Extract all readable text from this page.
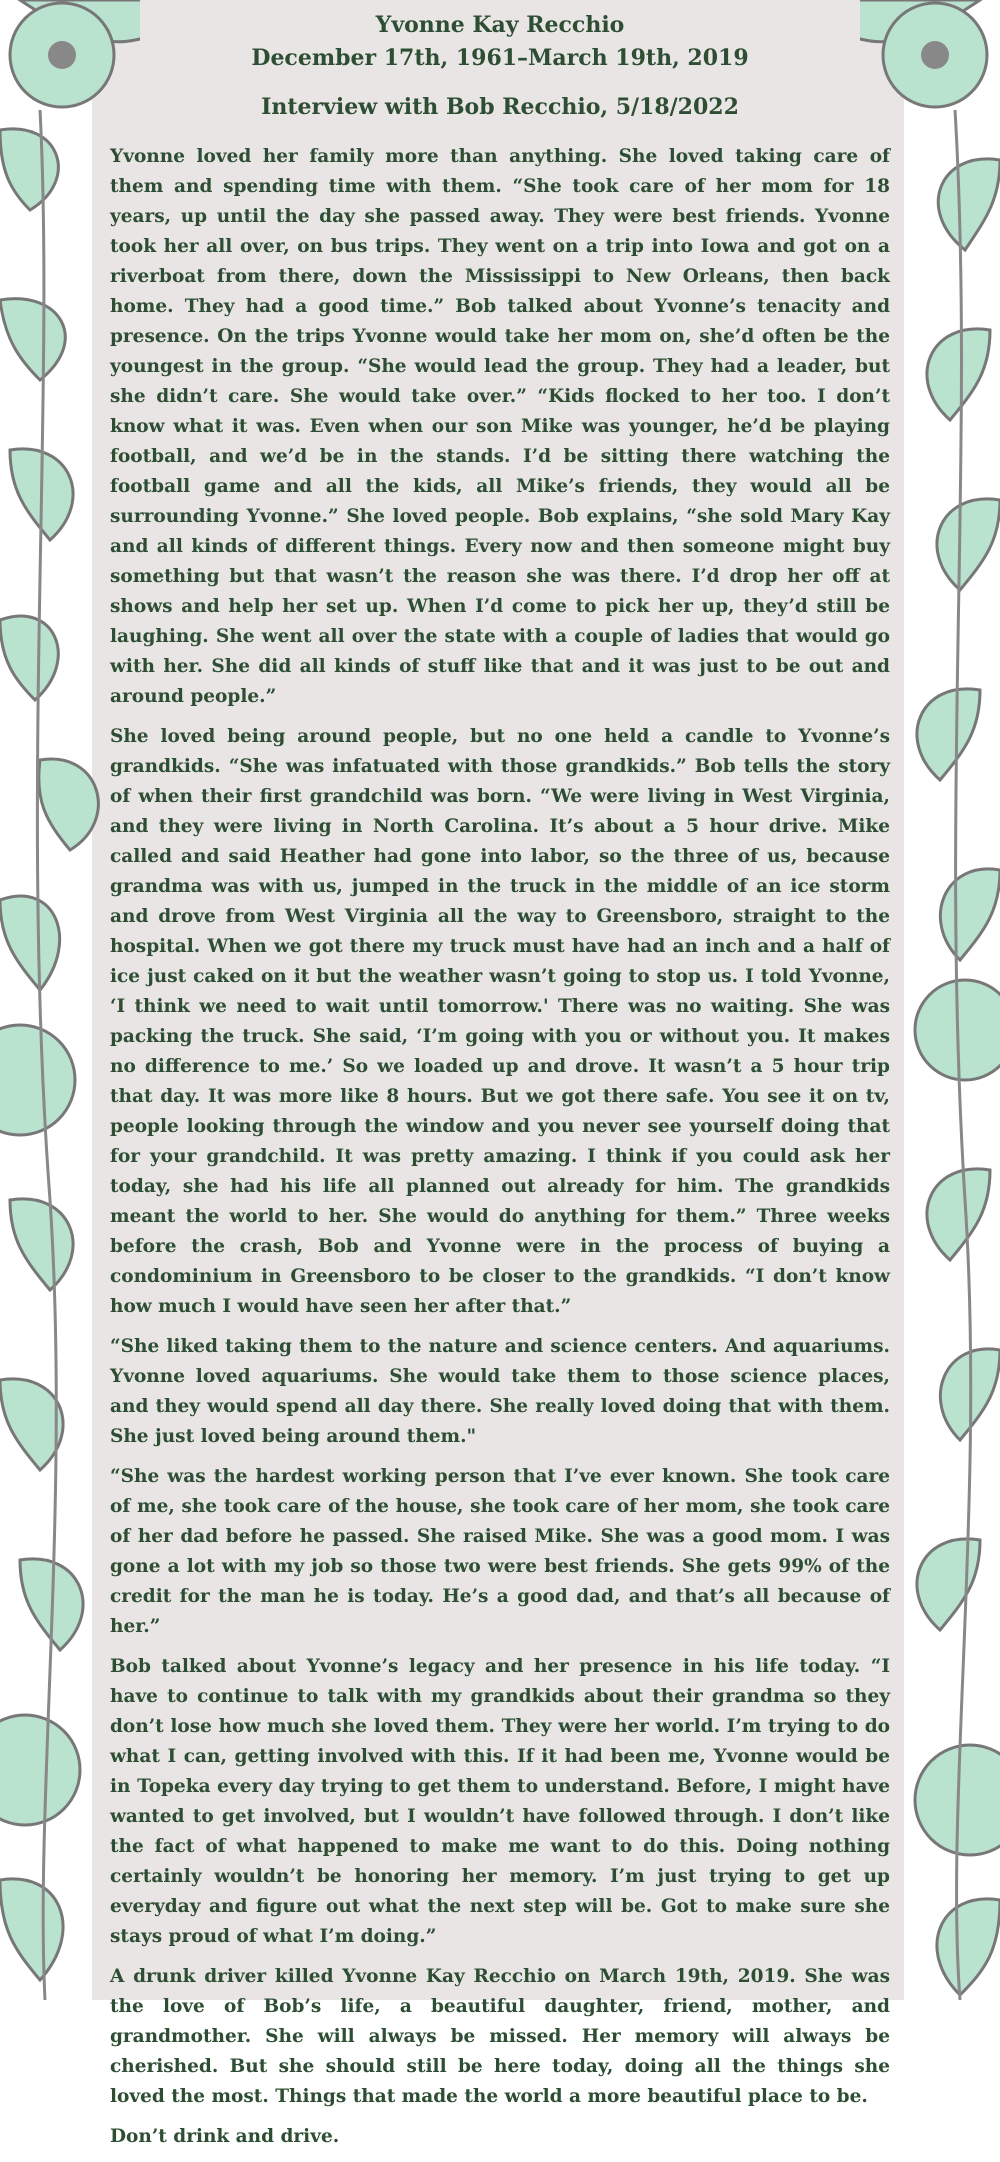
Yvonne Kay Recchio
December 17th, 1961–March 19th, 2019
Interview with Bob Recchio, 5/18/2022

Yvonne loved her family more than anything. She loved taking care of them and spending time with them. “She took care of her mom for 18 years, up until the day she passed away. They were best friends. Yvonne took her all over, on bus trips. They went on a trip into Iowa and got on a riverboat from there, down the Mississippi to New Orleans, then back home. They had a good time.” Bob talked about Yvonne’s tenacity and presence. On the trips Yvonne would take her mom on, she’d often be the youngest in the group. “She would lead the group. They had a leader, but she didn’t care. She would take over.” “Kids flocked to her too. I don’t know what it was. Even when our son Mike was younger, he’d be playing football, and we’d be in the stands. I’d be sitting there watching the football game and all the kids, all Mike’s friends, they would all be surrounding Yvonne.” She loved people. Bob explains, “she sold Mary Kay and all kinds of different things. Every now and then someone might buy something but that wasn’t the reason she was there. I’d drop her off at shows and help her set up. When I’d come to pick her up, they’d still be laughing. She went all over the state with a couple of ladies that would go with her. She did all kinds of stuff like that and it was just to be out and around people.”

She loved being around people, but no one held a candle to Yvonne’s grandkids. “She was infatuated with those grandkids.” Bob tells the story of when their first grandchild was born. “We were living in West Virginia, and they were living in North Carolina. It’s about a 5 hour drive. Mike called and said Heather had gone into labor, so the three of us, because grandma was with us, jumped in the truck in the middle of an ice storm and drove from West Virginia all the way to Greensboro, straight to the hospital. When we got there my truck must have had an inch and a half of ice just caked on it but the weather wasn’t going to stop us. I told Yvonne, ‘I think we need to wait until tomorrow.' There was no waiting. She was packing the truck. She said, ‘I’m going with you or without you. It makes no difference to me.’ So we loaded up and drove. It wasn’t a 5 hour trip that day. It was more like 8 hours. But we got there safe. You see it on tv, people looking through the window and you never see yourself doing that for your grandchild. It was pretty amazing. I think if you could ask her today, she had his life all planned out already for him. The grandkids meant the world to her. She would do anything for them.” Three weeks before the crash, Bob and Yvonne were in the process of buying a condominium in Greensboro to be closer to the grandkids. “I don’t know how much I would have seen her after that.”

“She liked taking them to the nature and science centers. And aquariums. Yvonne loved aquariums. She would take them to those science places, and they would spend all day there. She really loved doing that with them. She just loved being around them."

“She was the hardest working person that I’ve ever known. She took care of me, she took care of the house, she took care of her mom, she took care of her dad before he passed. She raised Mike. She was a good mom. I was gone a lot with my job so those two were best friends. She gets 99% of the credit for the man he is today. He’s a good dad, and that’s all because of her.”

Bob talked about Yvonne’s legacy and her presence in his life today. “I have to continue to talk with my grandkids about their grandma so they don’t lose how much she loved them. They were her world. I’m trying to do what I can, getting involved with this. If it had been me, Yvonne would be in Topeka every day trying to get them to understand. Before, I might have wanted to get involved, but I wouldn’t have followed through. I don’t like the fact of what happened to make me want to do this. Doing nothing certainly wouldn’t be honoring her memory. I’m just trying to get up everyday and figure out what the next step will be. Got to make sure she stays proud of what I’m doing.”

A drunk driver killed Yvonne Kay Recchio on March 19th, 2019. She was the love of Bob’s life, a beautiful daughter, friend, mother, and grandmother. She will always be missed. Her memory will always be cherished. But she should still be here today, doing all the things she loved the most. Things that made the world a more beautiful place to be.

Don’t drink and drive.
